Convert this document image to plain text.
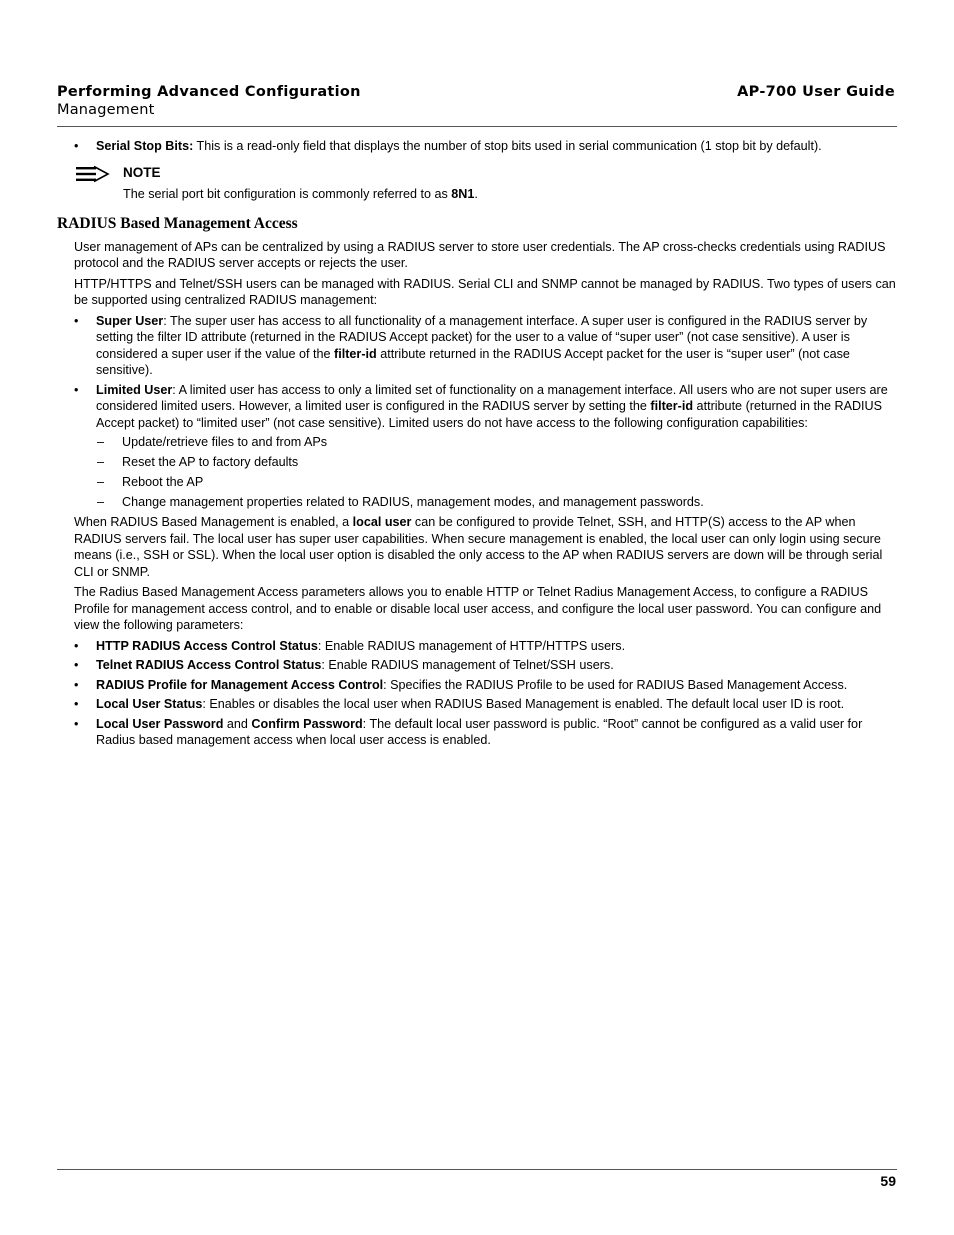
Performing Advanced Configuration	AP-700 User Guide
Management
• Serial Stop Bits: This is a read-only field that displays the number of stop bits used in serial communication (1 stop bit by default).
NOTE
The serial port bit configuration is commonly referred to as 8N1.
RADIUS Based Management Access

User management of APs can be centralized by using a RADIUS server to store user credentials. The AP cross-checks credentials using RADIUS protocol and the RADIUS server accepts or rejects the user.

HTTP/HTTPS and Telnet/SSH users can be managed with RADIUS. Serial CLI and SNMP cannot be managed by RADIUS. Two types of users can be supported using centralized RADIUS management:

• Super User: The super user has access to all functionality of a management interface. A super user is configured in the RADIUS server by setting the filter ID attribute (returned in the RADIUS Accept packet) for the user to a value of “super user” (not case sensitive). A user is considered a super user if the value of the filter-id attribute returned in the RADIUS Accept packet for the user is “super user” (not case sensitive).
• Limited User: A limited user has access to only a limited set of functionality on a management interface. All users who are not super users are considered limited users. However, a limited user is configured in the RADIUS server by setting the filter-id attribute (returned in the RADIUS Accept packet) to “limited user” (not case sensitive). Limited users do not have access to the following configuration capabilities:
– Update/retrieve files to and from APs
– Reset the AP to factory defaults
– Reboot the AP
– Change management properties related to RADIUS, management modes, and management passwords.

When RADIUS Based Management is enabled, a local user can be configured to provide Telnet, SSH, and HTTP(S) access to the AP when RADIUS servers fail. The local user has super user capabilities. When secure management is enabled, the local user can only login using secure means (i.e., SSH or SSL). When the local user option is disabled the only access to the AP when RADIUS servers are down will be through serial CLI or SNMP.

The Radius Based Management Access parameters allows you to enable HTTP or Telnet Radius Management Access, to configure a RADIUS Profile for management access control, and to enable or disable local user access, and configure the local user password. You can configure and view the following parameters:

• HTTP RADIUS Access Control Status: Enable RADIUS management of HTTP/HTTPS users.
• Telnet RADIUS Access Control Status: Enable RADIUS management of Telnet/SSH users.
• RADIUS Profile for Management Access Control: Specifies the RADIUS Profile to be used for RADIUS Based Management Access.
• Local User Status: Enables or disables the local user when RADIUS Based Management is enabled. The default local user ID is root.
• Local User Password and Confirm Password: The default local user password is public. “Root” cannot be configured as a valid user for Radius based management access when local user access is enabled.
59
